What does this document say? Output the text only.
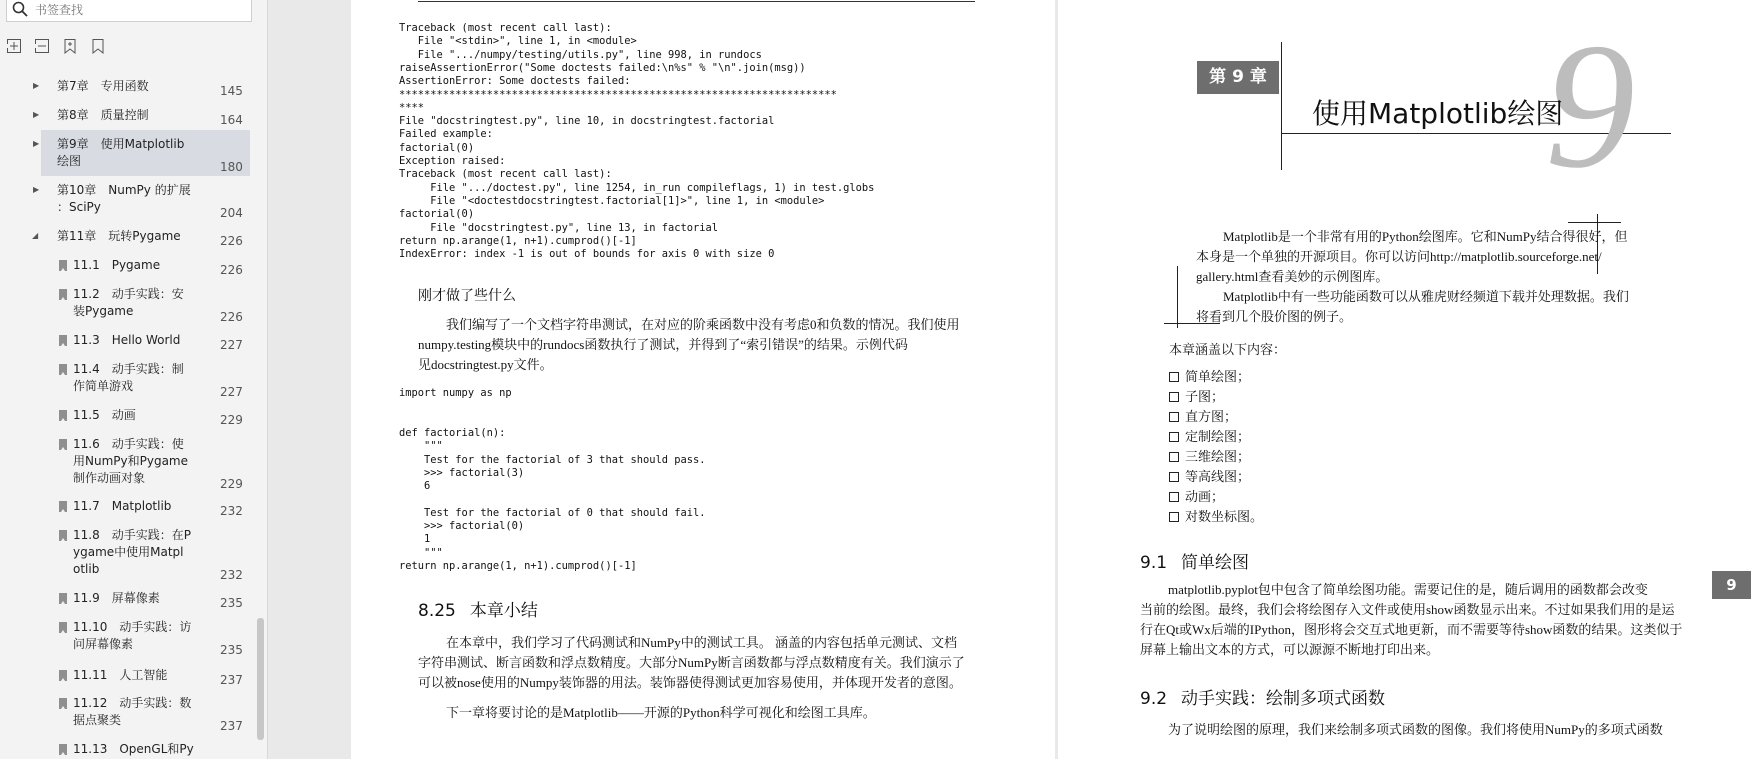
书签查找
▶ 第7章　专用函数	145
▶ 第8章　质量控制	164
▶ 第9章　使用Matplotlib
绘图	180
▶ 第10章　NumPy 的扩展
：SciPy	204
◢ 第11章　玩转Pygame	226
11.1　Pygame	226
11.2　动手实践：安
装Pygame	226
11.3　Hello World	227
11.4　动手实践：制
作简单游戏	227
11.5　动画	229
11.6　动手实践：使
用NumPy和Pygame
制作动画对象	229
11.7　Matplotlib	232
11.8　动手实践：在P
ygame中使用Matpl
otlib	232
11.9　屏幕像素	235
11.10　动手实践：访
问屏幕像素	235
11.11　人工智能	237
11.12　动手实践：数
据点聚类	237
11.13　OpenGL和Py
Traceback (most recent call last):
File "<stdin>", line 1, in <module>
File ".../numpy/testing/utils.py", line 998, in rundocs
raiseAssertionError("Some doctests failed:\n%s" % "\n".join(msg))
AssertionError: Some doctests failed:
**********************************************************************
****
File "docstringtest.py", line 10, in docstringtest.factorial
Failed example:
factorial(0)
Exception raised:
Traceback (most recent call last):
File ".../doctest.py", line 1254, in_run compileflags, 1) in test.globs
File "<doctestdocstringtest.factorial[1]>", line 1, in <module>
factorial(0)
File "docstringtest.py", line 13, in factorial
return np.arange(1, n+1).cumprod()[-1]
IndexError: index -1 is out of bounds for axis 0 with size 0
刚才做了些什么
我们编写了一个文档字符串测试，在对应的阶乘函数中没有考虑0和负数的情况。我们使用
numpy.testing模块中的rundocs函数执行了测试，并得到了“索引错误”的结果。示例代码
见docstringtest.py文件。
import numpy as np
def factorial(n):
"""
Test for the factorial of 3 that should pass.
>>> factorial(3)
6
Test for the factorial of 0 that should fail.
>>> factorial(0)
1
"""
return np.arange(1, n+1).cumprod()[-1]
8.25 本章小结
在本章中，我们学习了代码测试和NumPy中的测试工具。 涵盖的内容包括单元测试、文档
字符串测试、断言函数和浮点数精度。大部分NumPy断言函数都与浮点数精度有关。我们演示了
可以被nose使用的Numpy装饰器的用法。装饰器使得测试更加容易使用，并体现开发者的意图。
下一章将要讨论的是Matplotlib——开源的Python科学可视化和绘图工具库。
第 9 章 9
使用Matplotlib绘图
Matplotlib是一个非常有用的Python绘图库。它和NumPy结合得很好，但
本身是一个单独的开源项目。你可以访问http://matplotlib.sourceforge.net/
gallery.html查看美妙的示例图库。
Matplotlib中有一些功能函数可以从雅虎财经频道下载并处理数据。我们
将看到几个股价图的例子。
本章涵盖以下内容：
简单绘图；
子图；
直方图；
定制绘图；
三维绘图；
等高线图；
动画；
对数坐标图。
9.1 简单绘图
matplotlib.pyplot包中包含了简单绘图功能。需要记住的是，随后调用的函数都会改变
当前的绘图。最终，我们会将绘图存入文件或使用show函数显示出来。不过如果我们用的是运
行在Qt或Wx后端的IPython，图形将会交互式地更新，而不需要等待show函数的结果。这类似于
屏幕上输出文本的方式，可以源源不断地打印出来。
9.2 动手实践：绘制多项式函数
为了说明绘图的原理，我们来绘制多项式函数的图像。我们将使用NumPy的多项式函数
9
